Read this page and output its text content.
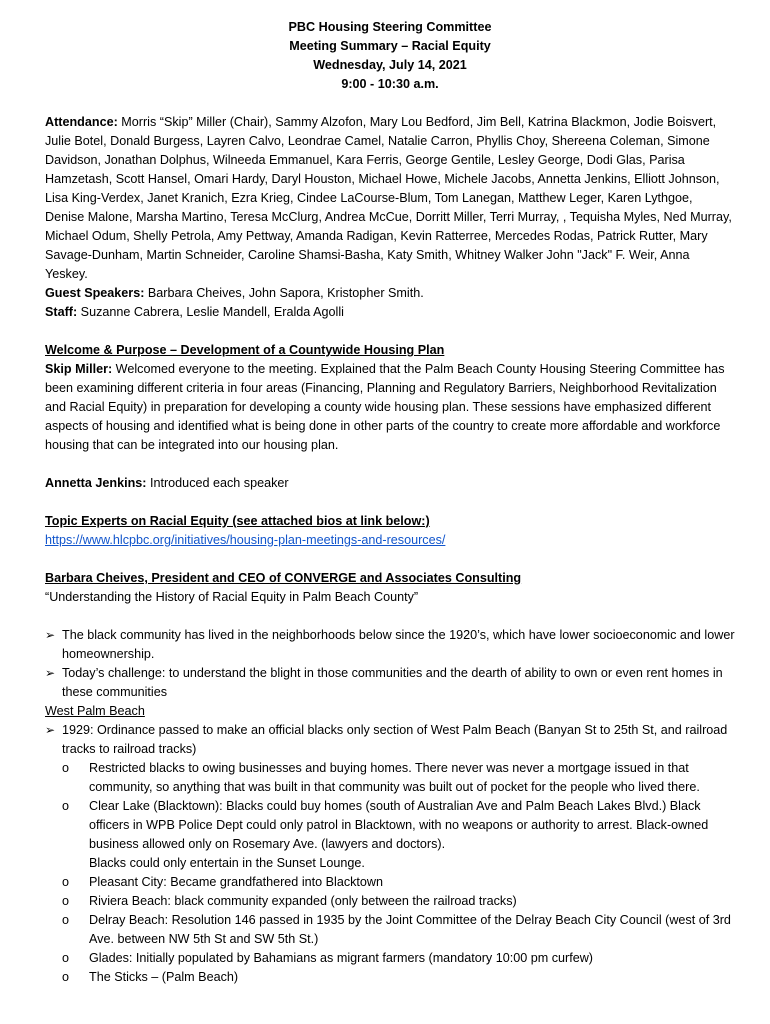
PBC Housing Steering Committee
Meeting Summary – Racial Equity
Wednesday, July 14, 2021
9:00 - 10:30 a.m.
Attendance: Morris “Skip” Miller (Chair), Sammy Alzofon, Mary Lou Bedford, Jim Bell, Katrina Blackmon, Jodie Boisvert, Julie Botel, Donald Burgess, Layren Calvo, Leondrae Camel, Natalie Carron, Phyllis Choy, Shereena Coleman, Simone Davidson, Jonathan Dolphus, Wilneeda Emmanuel, Kara Ferris, George Gentile, Lesley George, Dodi Glas, Parisa Hamzetash, Scott Hansel, Omari Hardy, Daryl Houston, Michael Howe, Michele Jacobs, Annetta Jenkins, Elliott Johnson, Lisa King-Verdex, Janet Kranich, Ezra Krieg, Cindee LaCourse-Blum, Tom Lanegan, Matthew Leger, Karen Lythgoe, Denise Malone, Marsha Martino, Teresa McClurg, Andrea McCue, Dorritt Miller, Terri Murray, , Tequisha Myles, Ned Murray, Michael Odum, Shelly Petrola, Amy Pettway, Amanda Radigan, Kevin Ratterree, Mercedes Rodas, Patrick Rutter, Mary Savage-Dunham, Martin Schneider, Caroline Shamsi-Basha, Katy Smith, Whitney Walker John "Jack" F. Weir, Anna Yeskey.
Guest Speakers: Barbara Cheives, John Sapora, Kristopher Smith.
Staff: Suzanne Cabrera, Leslie Mandell, Eralda Agolli
Welcome & Purpose – Development of a Countywide Housing Plan
Skip Miller: Welcomed everyone to the meeting. Explained that the Palm Beach County Housing Steering Committee has been examining different criteria in four areas (Financing, Planning and Regulatory Barriers, Neighborhood Revitalization and Racial Equity) in preparation for developing a county wide housing plan. These sessions have emphasized different aspects of housing and identified what is being done in other parts of the country to create more affordable and workforce housing that can be integrated into our housing plan.
Annetta Jenkins: Introduced each speaker
Topic Experts on Racial Equity (see attached bios at link below:)
https://www.hlcpbc.org/initiatives/housing-plan-meetings-and-resources/
Barbara Cheives, President and CEO of CONVERGE and Associates Consulting
“Understanding the History of Racial Equity in Palm Beach County”
➢ The black community has lived in the neighborhoods below since the 1920’s, which have lower socioeconomic and lower homeownership.
➢ Today’s challenge: to understand the blight in those communities and the dearth of ability to own or even rent homes in these communities
West Palm Beach
➢ 1929: Ordinance passed to make an official blacks only section of West Palm Beach (Banyan St to 25th St, and railroad tracks to railroad tracks)
o Restricted blacks to owing businesses and buying homes. There never was never a mortgage issued in that community, so anything that was built in that community was built out of pocket for the people who lived there.
o Clear Lake (Blacktown): Blacks could buy homes (south of Australian Ave and Palm Beach Lakes Blvd.) Black officers in WPB Police Dept could only patrol in Blacktown, with no weapons or authority to arrest. Black-owned business allowed only on Rosemary Ave. (lawyers and doctors).
Blacks could only entertain in the Sunset Lounge.
o Pleasant City: Became grandfathered into Blacktown
o Riviera Beach: black community expanded (only between the railroad tracks)
o Delray Beach: Resolution 146 passed in 1935 by the Joint Committee of the Delray Beach City Council (west of 3rd Ave. between NW 5th St and SW 5th St.)
o Glades: Initially populated by Bahamians as migrant farmers (mandatory 10:00 pm curfew)
o The Sticks – (Palm Beach)
